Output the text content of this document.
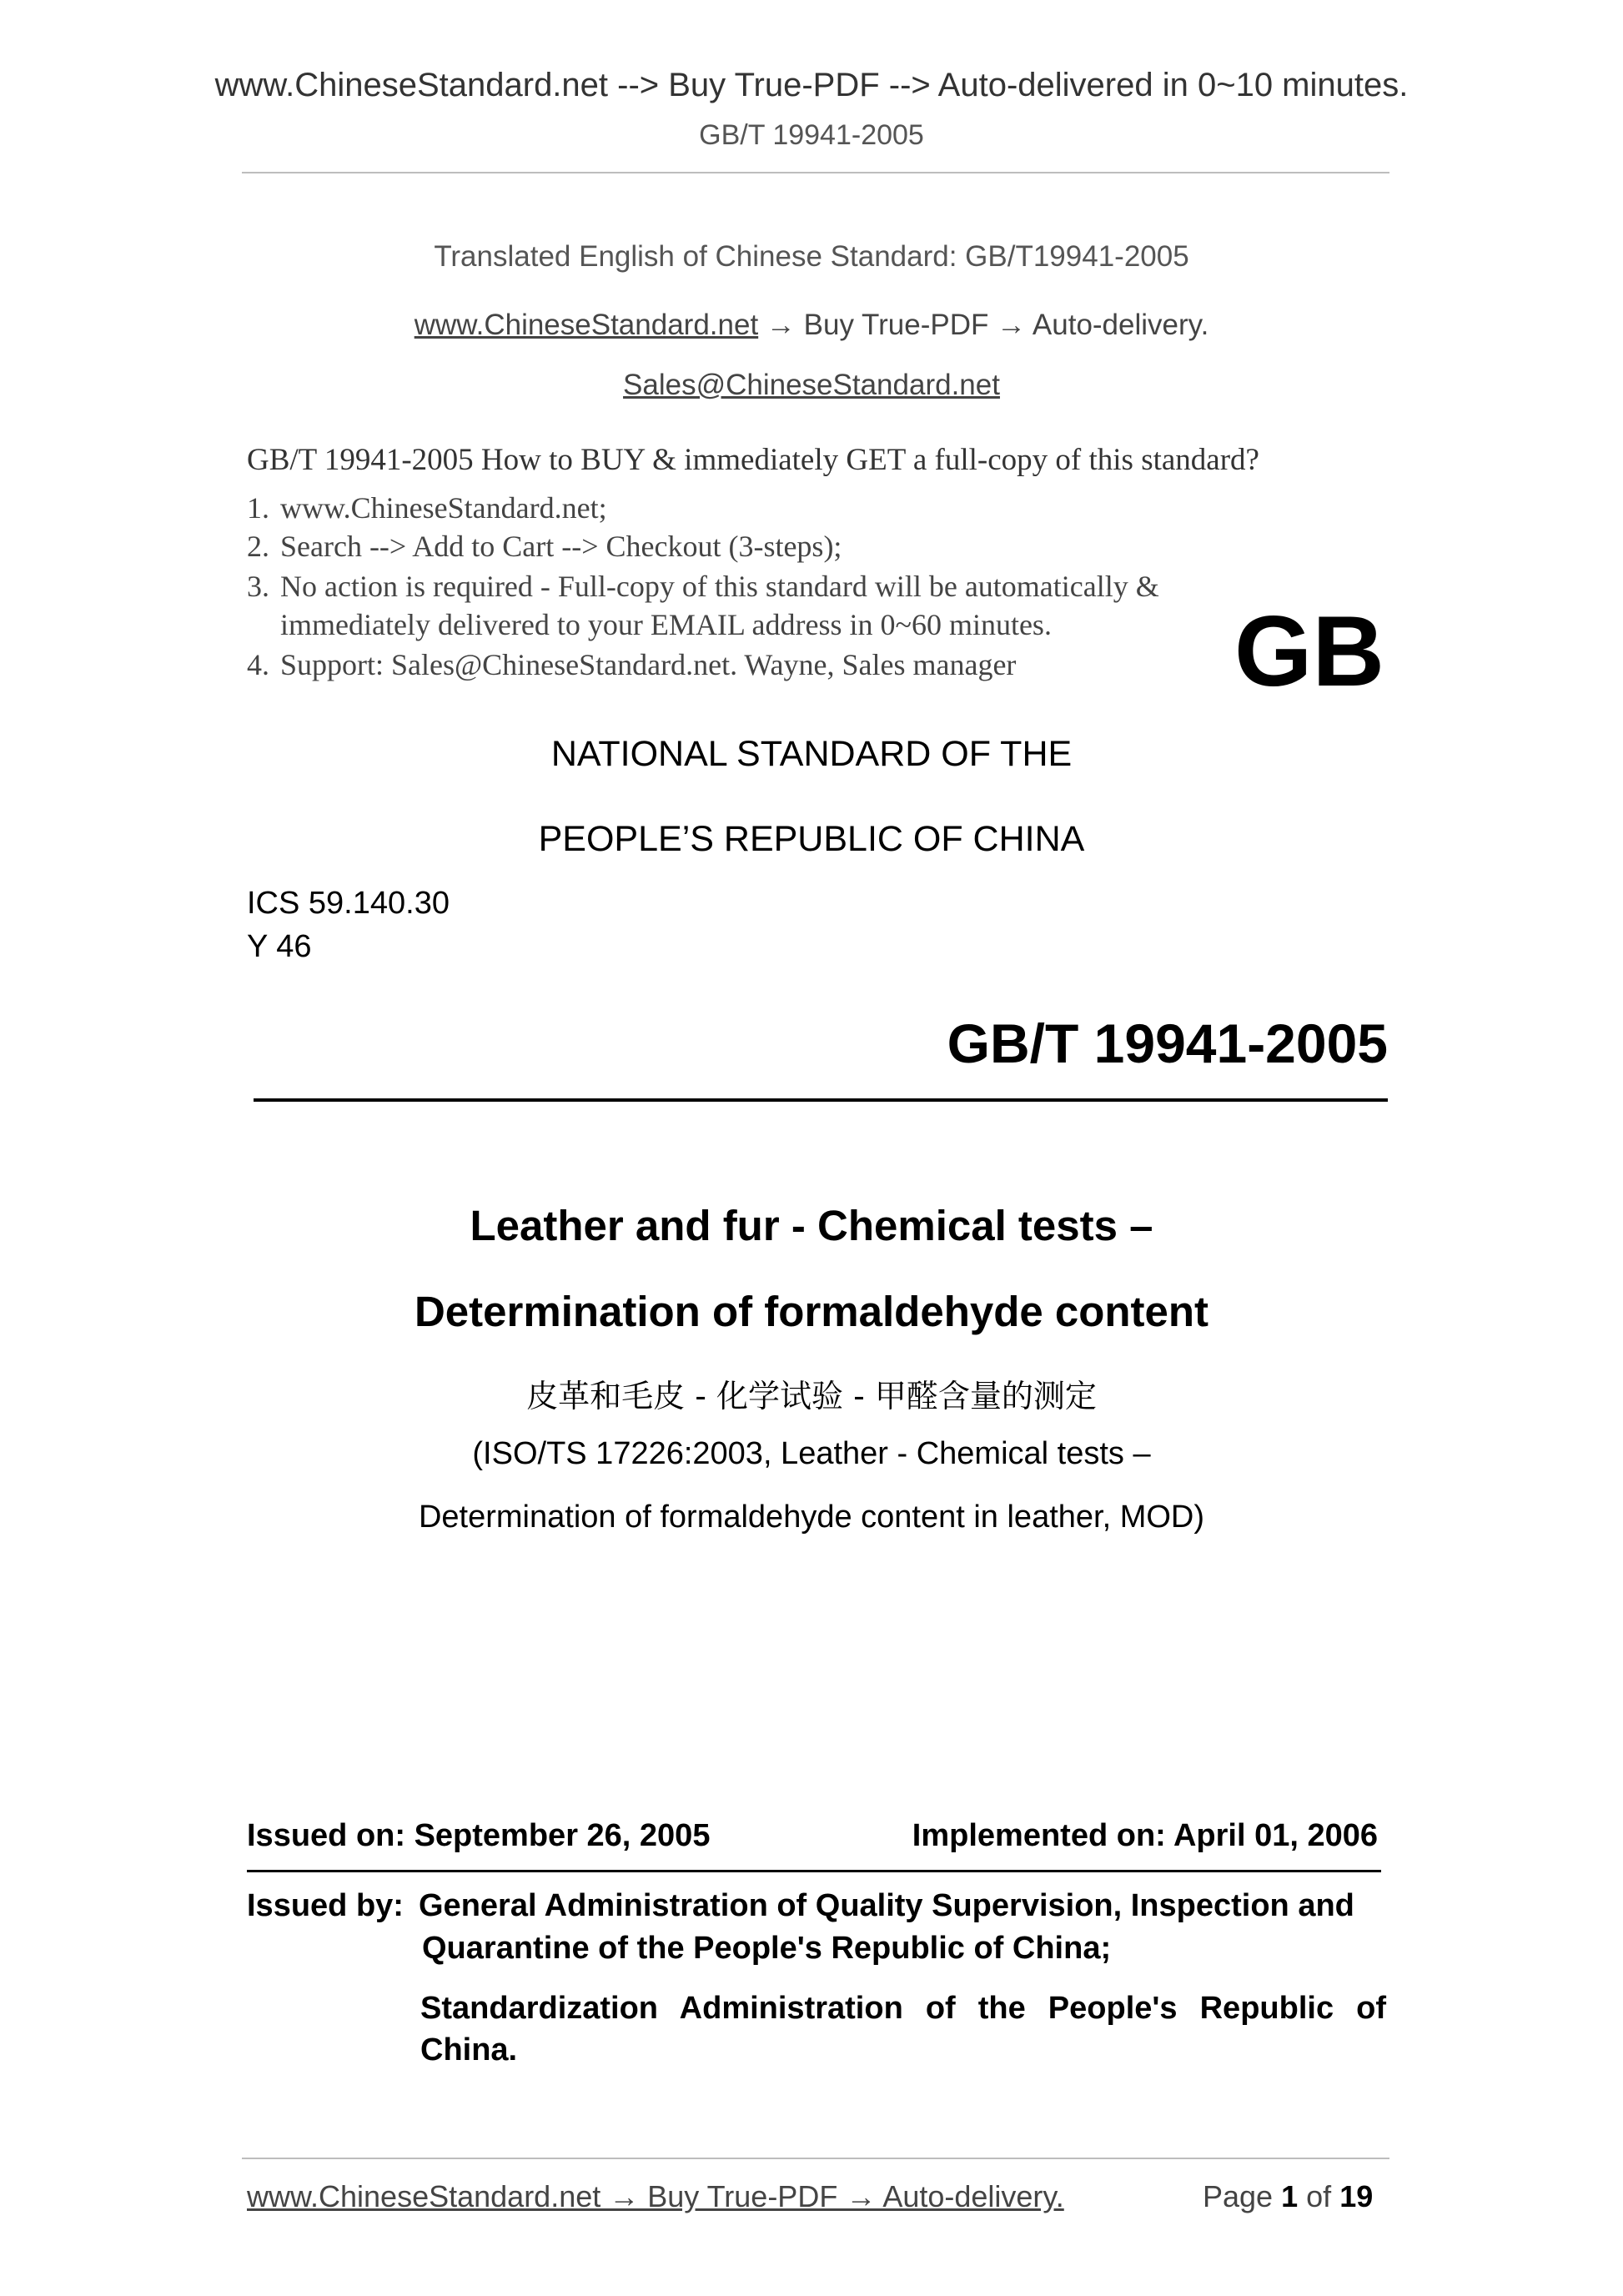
www.ChineseStandard.net --> Buy True-PDF --> Auto-delivered in 0~10 minutes.
GB/T 19941-2005
Translated English of Chinese Standard: GB/T19941-2005
www.ChineseStandard.net → Buy True-PDF → Auto-delivery.
Sales@ChineseStandard.net
GB/T 19941-2005 How to BUY & immediately GET a full-copy of this standard?
1. www.ChineseStandard.net;
2. Search --> Add to Cart --> Checkout (3-steps);
3. No action is required - Full-copy of this standard will be automatically &
immediately delivered to your EMAIL address in 0~60 minutes.
4. Support: Sales@ChineseStandard.net. Wayne, Sales manager GB
NATIONAL STANDARD OF THE
PEOPLE’S REPUBLIC OF CHINA
ICS 59.140.30
Y 46
GB/T 19941-2005
Leather and fur - Chemical tests –
Determination of formaldehyde content
皮革和毛皮 - 化学试验 - 甲醛含量的测定
(ISO/TS 17226:2003, Leather - Chemical tests –
Determination of formaldehyde content in leather, MOD)
Issued on: September 26, 2005	Implemented on: April 01, 2006
Issued by: General Administration of Quality Supervision, Inspection and
Quarantine of the People's Republic of China;
Standardization Administration of the People's Republic of
China.
www.ChineseStandard.net → Buy True-PDF → Auto-delivery.	Page 1 of 19
